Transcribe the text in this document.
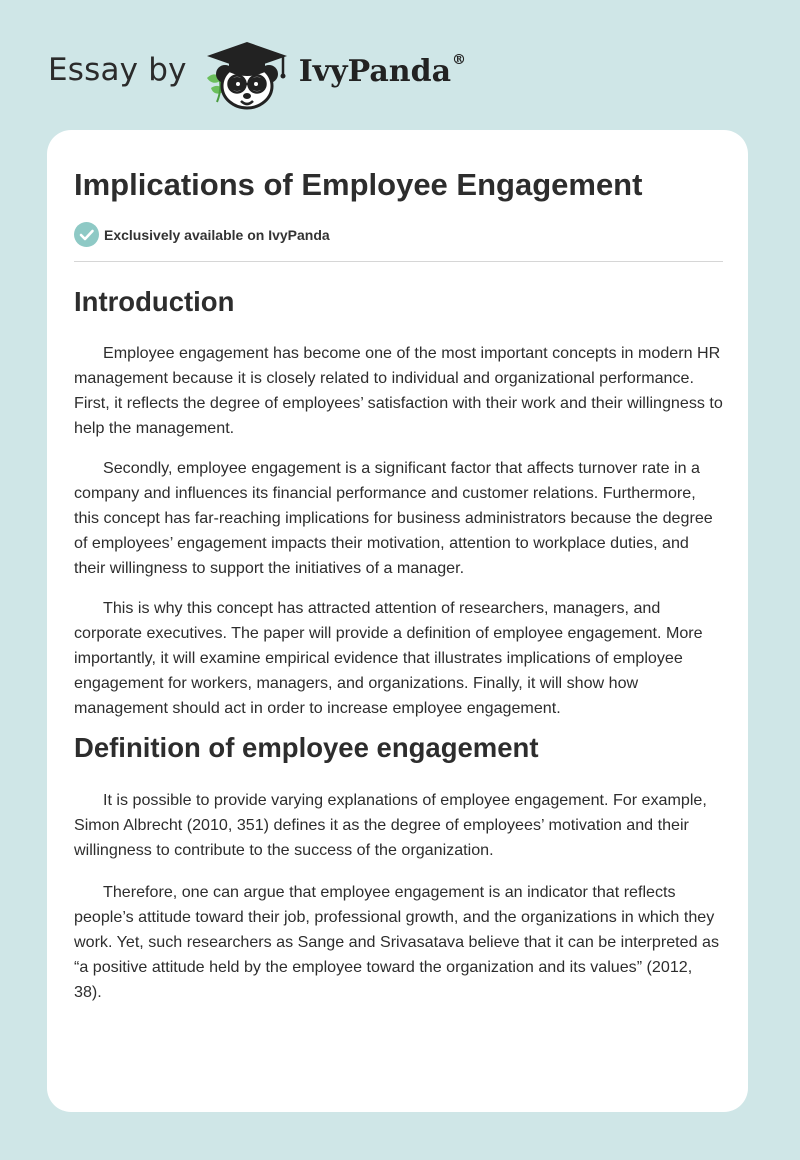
Essay by	IvyPanda®
Implications of Employee Engagement
Exclusively available on IvyPanda
Introduction

Employee engagement has become one of the most important concepts in modern HR management because it is closely related to individual and organizational performance. First, it reflects the degree of employees’ satisfaction with their work and their willingness to help the management.

Secondly, employee engagement is a significant factor that affects turnover rate in a company and influences its financial performance and customer relations. Furthermore, this concept has far-reaching implications for business administrators because the degree of employees’ engagement impacts their motivation, attention to workplace duties, and their willingness to support the initiatives of a manager.

This is why this concept has attracted attention of researchers, managers, and corporate executives. The paper will provide a definition of employee engagement. More importantly, it will examine empirical evidence that illustrates implications of employee engagement for workers, managers, and organizations. Finally, it will show how management should act in order to increase employee engagement.

Definition of employee engagement

It is possible to provide varying explanations of employee engagement. For example, Simon Albrecht (2010, 351) defines it as the degree of employees’ motivation and their willingness to contribute to the success of the organization.

Therefore, one can argue that employee engagement is an indicator that reflects people’s attitude toward their job, professional growth, and the organizations in which they work. Yet, such researchers as Sange and Srivasatava believe that it can be interpreted as “a positive attitude held by the employee toward the organization and its values” (2012, 38).
